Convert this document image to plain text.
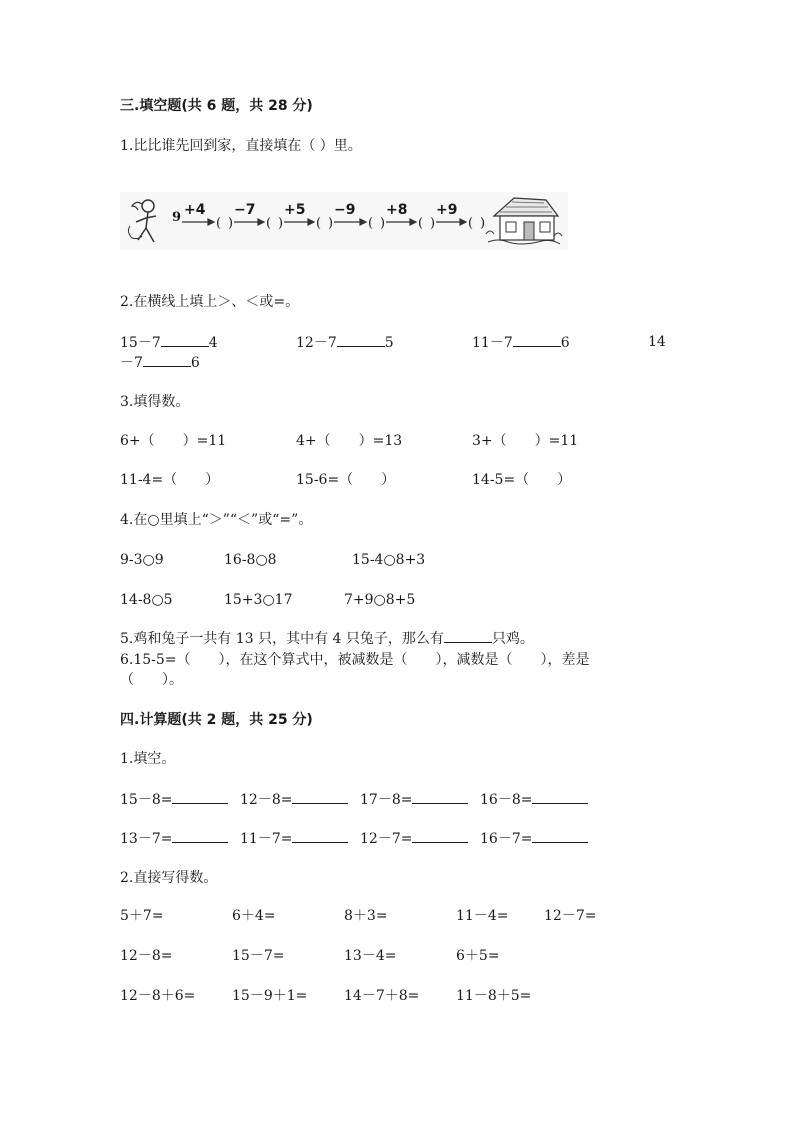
三.填空题(共 6 题，共 28 分)
1.比比谁先回到家，直接填在（ ）里。
9 +4 −7 +5 −9 +8 +9
( )	( )	( )	( )	( )	( )
2.在横线上填上＞、＜或=。
15－7	4	12－7	5	11－7	6	14
－7	6
3.填得数。
6+（　　）=11	4+（　　）=13	3+（　　）=11
11-4=（　　）	15-6=（　　）	14-5=（　　）
4.在○里填上“＞”“＜”或“=”。
9-3○9	16-8○8	15-4○8+3
14-8○5	15+3○17	7+9○8+5
5.鸡和兔子一共有 13 只，其中有 4 只兔子，那么有	只鸡。
6.15-5=（　　），在这个算式中，被减数是（　　），减数是（　　），差是
（　　）。
四.计算题(共 2 题，共 25 分)
1.填空。
15－8=	12－8=	17－8=	16－8=
13－7=	11－7=	12－7=	16－7=
2.直接写得数。
5＋7=	6＋4=	8＋3=	11－4=	12－7=
12－8=	15－7=	13－4=	6＋5=
12－8＋6=	15－9＋1=	14－7＋8=	11－8＋5=
